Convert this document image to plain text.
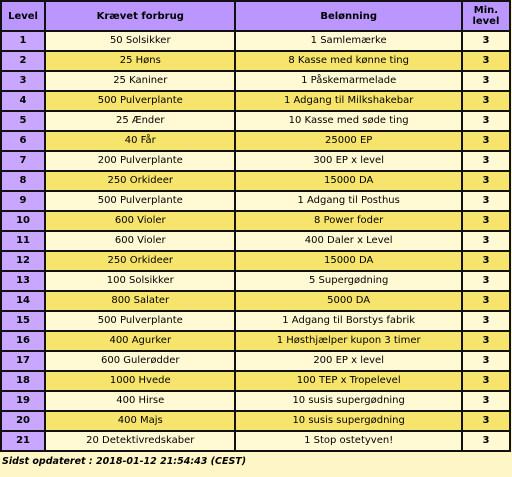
Level	Krævet forbrug	Belønning	Min. level
1	50 Solsikker	1 Samlemærke	3
2	25 Høns	8 Kasse med kønne ting	3
3	25 Kaniner	1 Påskemarmelade	3
4	500 Pulverplante	1 Adgang til Milkshakebar	3
5	25 Ænder	10 Kasse med søde ting	3
6	40 Får	25000 EP	3
7	200 Pulverplante	300 EP x level	3
8	250 Orkideer	15000 DA	3
9	500 Pulverplante	1 Adgang til Posthus	3
10	600 Violer	8 Power foder	3
11	600 Violer	400 Daler x Level	3
12	250 Orkideer	15000 DA	3
13	100 Solsikker	5 Supergødning	3
14	800 Salater	5000 DA	3
15	500 Pulverplante	1 Adgang til Borstys fabrik	3
16	400 Agurker	1 Høsthjælper kupon 3 timer	3
17	600 Gulerødder	200 EP x level	3
18	1000 Hvede	100 TEP x Tropelevel	3
19	400 Hirse	10 susis supergødning	3
20	400 Majs	10 susis supergødning	3
21	20 Detektivredskaber	1 Stop ostetyven!	3
Sidst opdateret : 2018-01-12 21:54:43 (CEST)
